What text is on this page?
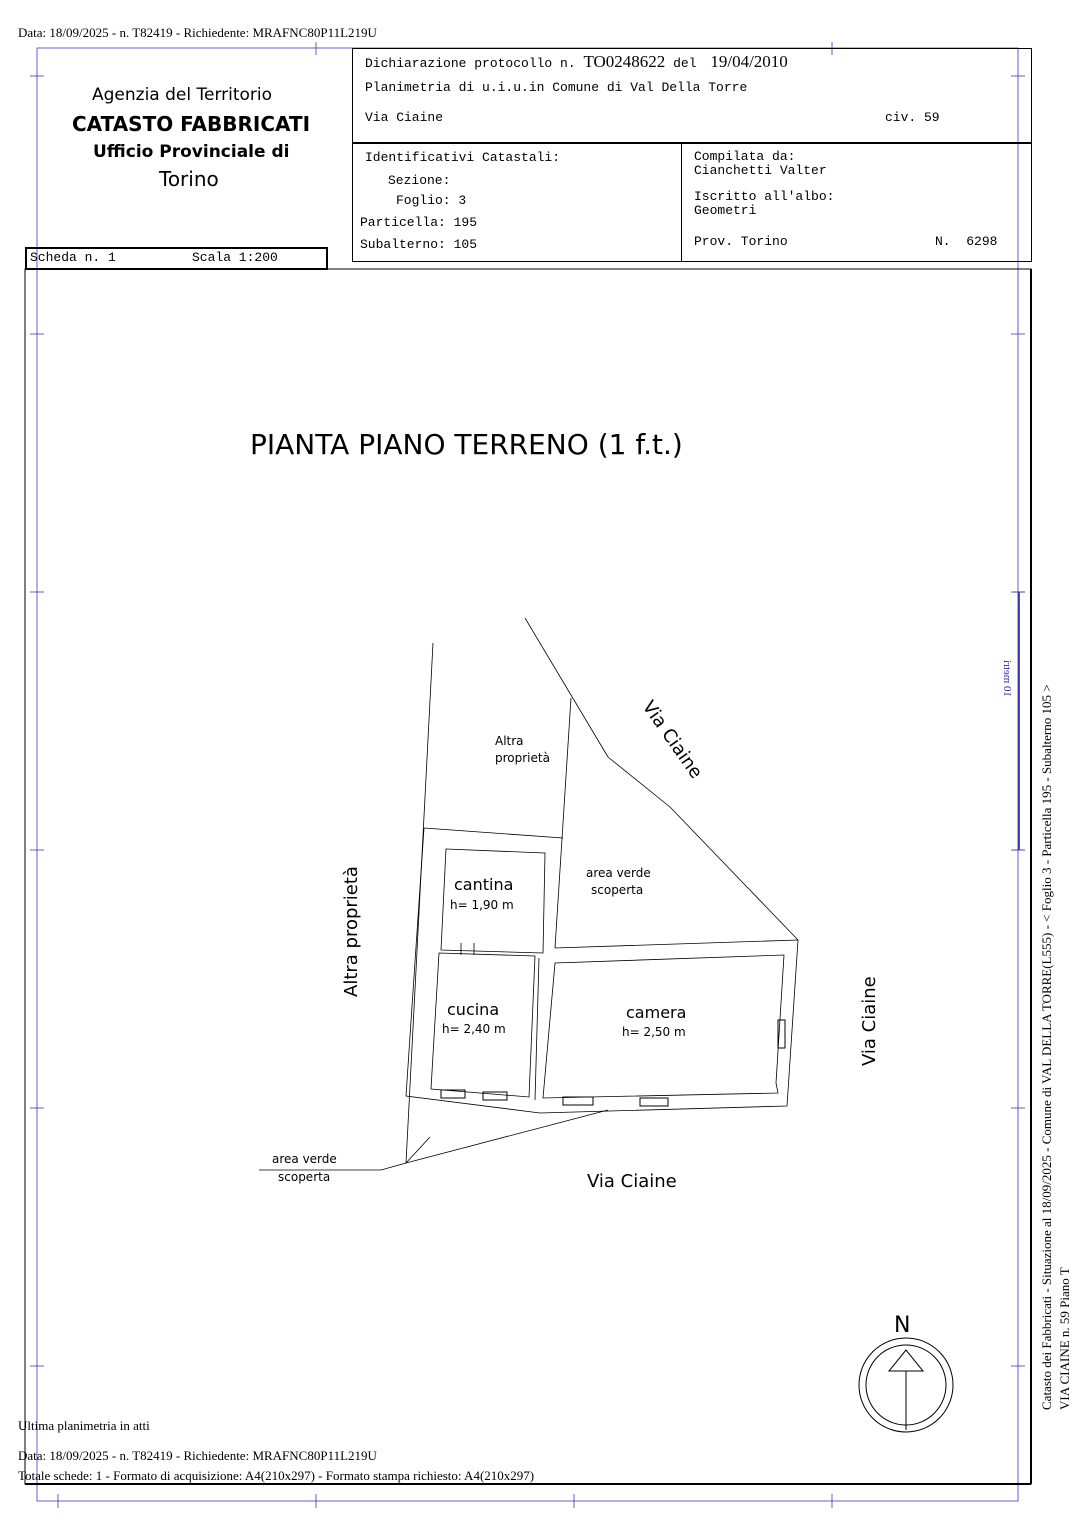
Data: 18/09/2025 - n. T82419 - Richiedente: MRAFNC80P11L219U
Agenzia del Territorio
CATASTO FABBRICATI
Ufficio Provinciale di
Torino
Dichiarazione protocollo n. TO0248622 del 19/04/2010
Planimetria di u.i.u.in Comune di Val Della Torre
Via Ciaine	civ. 59
Identificativi Catastali:
Sezione:
Foglio: 3
Particella: 195
Subalterno: 105
Compilata da:
Cianchetti Valter
Iscritto all'albo:
Geometri
Prov. Torino	N. 6298
Scheda n. 1	Scala 1:200
PIANTA PIANO TERRENO (1 f.t.)
Altra
proprietà	Via Ciaine
area verde
scoperta
cantina
h= 1,90 m
cucina
h= 2,40 m
camera
h= 2,50 m
Altra proprietà
Via Ciaine
Via Ciaine
area verde
scoperta
N
10 metri
Catasto dei Fabbricati - Situazione al 18/09/2025 - Comune di VAL DELLA TORRE(L555) - < Foglio 3 - Particella 195 - Subalterno 105 > VIA CIAINE n. 59 Piano T
Ultima planimetria in atti
Data: 18/09/2025 - n. T82419 - Richiedente: MRAFNC80P11L219U
Totale schede: 1 - Formato di acquisizione: A4(210x297) - Formato stampa richiesto: A4(210x297)
